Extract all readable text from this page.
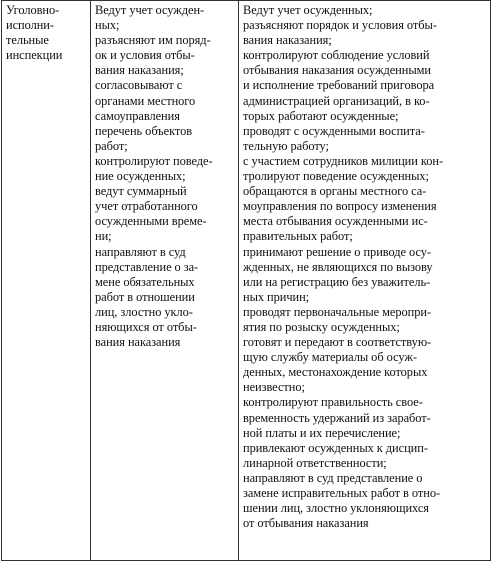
Уголовно-
исполни-
тельные
инспекции

Ведут учет осужден-
ных;
разъясняют им поряд-
ок и условия отбы-
вания наказания;
согласовывают с
органами местного
самоуправления
перечень объектов
работ;
контролируют поведе-
ние осужденных;
ведут суммарный
учет отработанного
осужденными време-
ни;
направляют в суд
представление о за-
мене обязательных
работ в отношении
лиц, злостно укло-
няющихся от отбы-
вания наказания

Ведут учет осужденных;
разъясняют порядок и условия отбы-
вания наказания;
контролируют соблюдение условий
отбывания наказания осужденными
и исполнение требований приговора
администрацией организаций, в ко-
торых работают осужденные;
проводят с осужденными воспита-
тельную работу;
с участием сотрудников милиции кон-
тролируют поведение осужденных;
обращаются в органы местного са-
моуправления по вопросу изменения
места отбывания осужденными ис-
правительных работ;
принимают решение о приводе осу-
жденных, не являющихся по вызову
или на регистрацию без уважитель-
ных причин;
проводят первоначальные меропри-
ятия по розыску осужденных;
готовят и передают в соответствую-
щую службу материалы об осуж-
денных, местонахождение которых
неизвестно;
контролируют правильность свое-
временность удержаний из заработ-
ной платы и их перечисление;
привлекают осужденных к дисцип-
линарной ответственности;
направляют в суд представление о
замене исправительных работ в отно-
шении лиц, злостно уклоняющихся
от отбывания наказания
